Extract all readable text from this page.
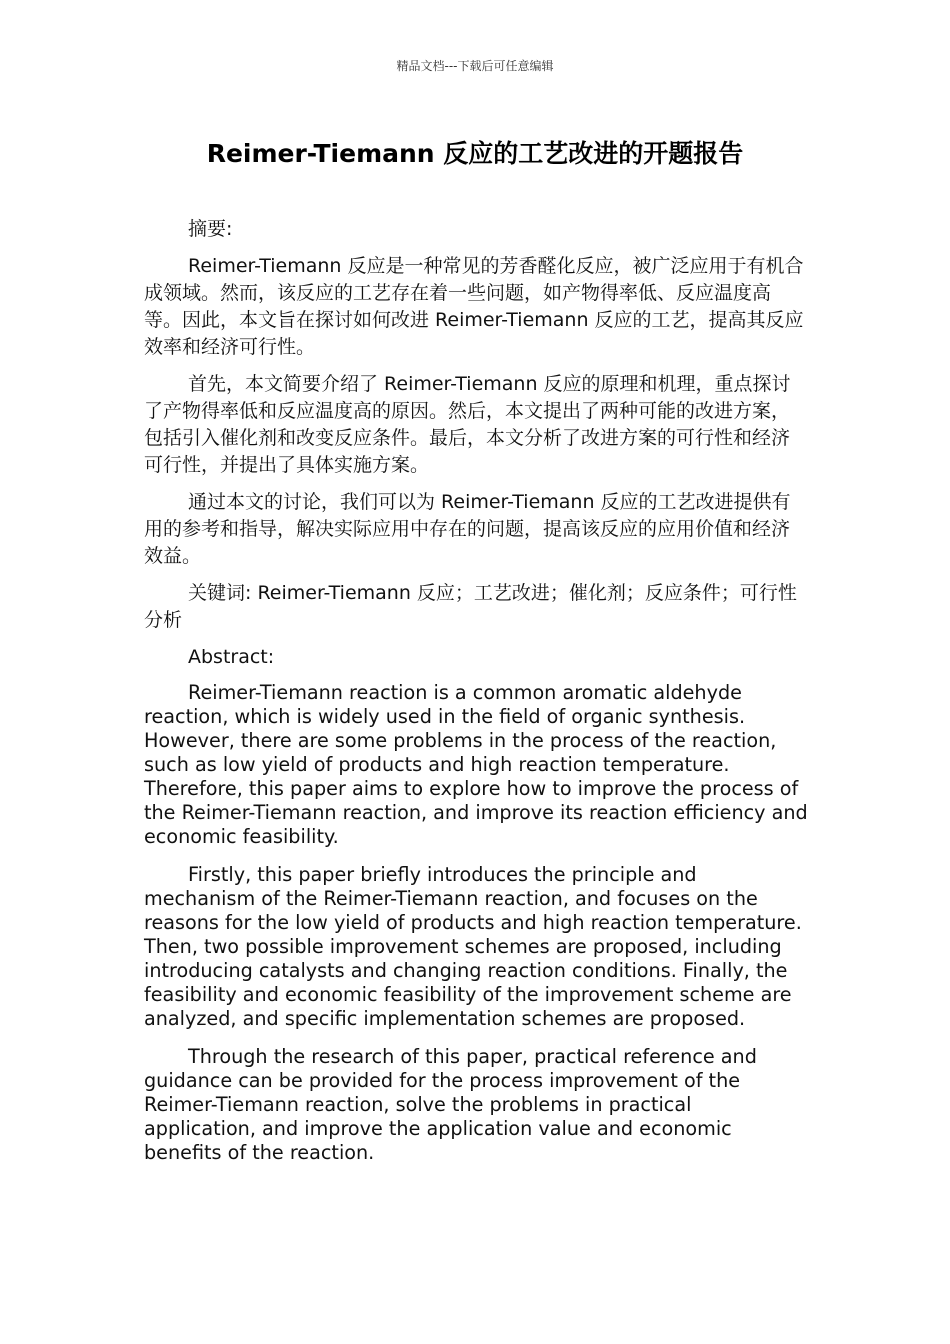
精品文档---下载后可任意编辑
Reimer-Tiemann 反应的工艺改进的开题报告

摘要:

Reimer-Tiemann 反应是一种常见的芳香醛化反应，被广泛应用于有机合成领域。然而，该反应的工艺存在着一些问题，如产物得率低、反应温度高等。因此，本文旨在探讨如何改进 Reimer-Tiemann 反应的工艺，提高其反应效率和经济可行性。

首先，本文简要介绍了 Reimer-Tiemann 反应的原理和机理，重点探讨了产物得率低和反应温度高的原因。然后，本文提出了两种可能的改进方案，包括引入催化剂和改变反应条件。最后，本文分析了改进方案的可行性和经济可行性，并提出了具体实施方案。

通过本文的讨论，我们可以为 Reimer-Tiemann 反应的工艺改进提供有用的参考和指导，解决实际应用中存在的问题，提高该反应的应用价值和经济效益。

关键词: Reimer-Tiemann 反应；工艺改进；催化剂；反应条件；可行性分析

Abstract:

Reimer-Tiemann reaction is a common aromatic aldehyde reaction, which is widely used in the field of organic synthesis. However, there are some problems in the process of the reaction, such as low yield of products and high reaction temperature. Therefore, this paper aims to explore how to improve the process of the Reimer-Tiemann reaction, and improve its reaction efficiency and economic feasibility.

Firstly, this paper briefly introduces the principle and mechanism of the Reimer-Tiemann reaction, and focuses on the reasons for the low yield of products and high reaction temperature. Then, two possible improvement schemes are proposed, including introducing catalysts and changing reaction conditions. Finally, the feasibility and economic feasibility of the improvement scheme are analyzed, and specific implementation schemes are proposed.

Through the research of this paper, practical reference and guidance can be provided for the process improvement of the Reimer-Tiemann reaction, solve the problems in practical application, and improve the application value and economic benefits of the reaction.
